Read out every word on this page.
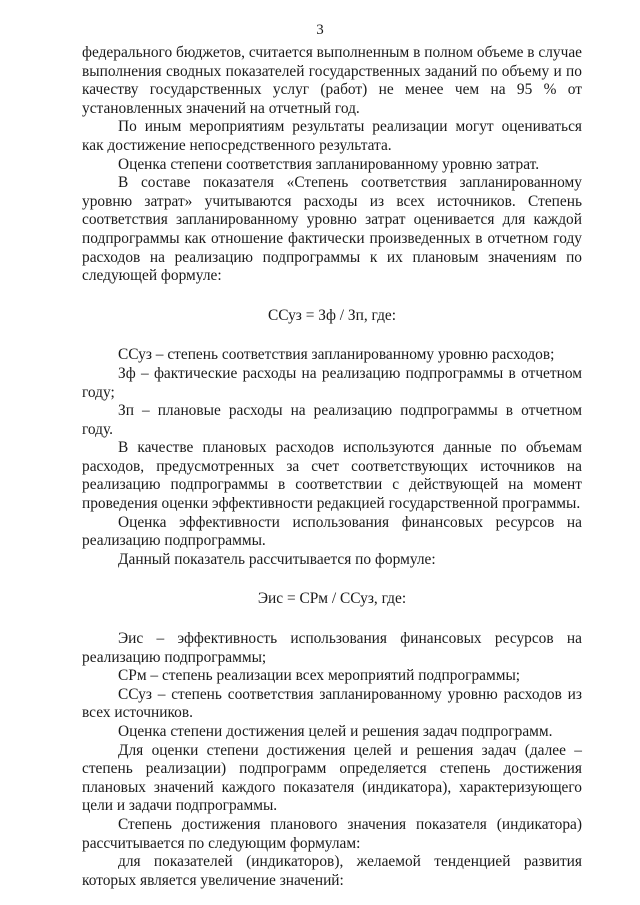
3

федерального бюджетов, считается выполненным в полном объеме в случае выполнения сводных показателей государственных заданий по объему и по качеству государственных услуг (работ) не менее чем на 95 % от установленных значений на отчетный год.

По иным мероприятиям результаты реализации могут оцениваться как достижение непосредственного результата.

Оценка степени соответствия запланированному уровню затрат.

В составе показателя «Степень соответствия запланированному уровню затрат» учитываются расходы из всех источников. Степень соответствия запланированному уровню затрат оценивается для каждой подпрограммы как отношение фактически произведенных в отчетном году расходов на реализацию подпрограммы к их плановым значениям по следующей формуле:

ССуз = Зф / Зп, где:

ССуз – степень соответствия запланированному уровню расходов;

Зф – фактические расходы на реализацию подпрограммы в отчетном году;

Зп – плановые расходы на реализацию подпрограммы в отчетном году.

В качестве плановых расходов используются данные по объемам расходов, предусмотренных за счет соответствующих источников на реализацию подпрограммы в соответствии с действующей на момент проведения оценки эффективности редакцией государственной программы.

Оценка эффективности использования финансовых ресурсов на реализацию подпрограммы.

Данный показатель рассчитывается по формуле:

Эис = СРм / ССуз, где:

Эис – эффективность использования финансовых ресурсов на реализацию подпрограммы;

СРм – степень реализации всех мероприятий подпрограммы;

ССуз – степень соответствия запланированному уровню расходов из всех источников.

Оценка степени достижения целей и решения задач подпрограмм.

Для оценки степени достижения целей и решения задач (далее – степень реализации) подпрограмм определяется степень достижения плановых значений каждого показателя (индикатора), характеризующего цели и задачи подпрограммы.

Степень достижения планового значения показателя (индикатора) рассчитывается по следующим формулам:

для показателей (индикаторов), желаемой тенденцией развития которых является увеличение значений:
